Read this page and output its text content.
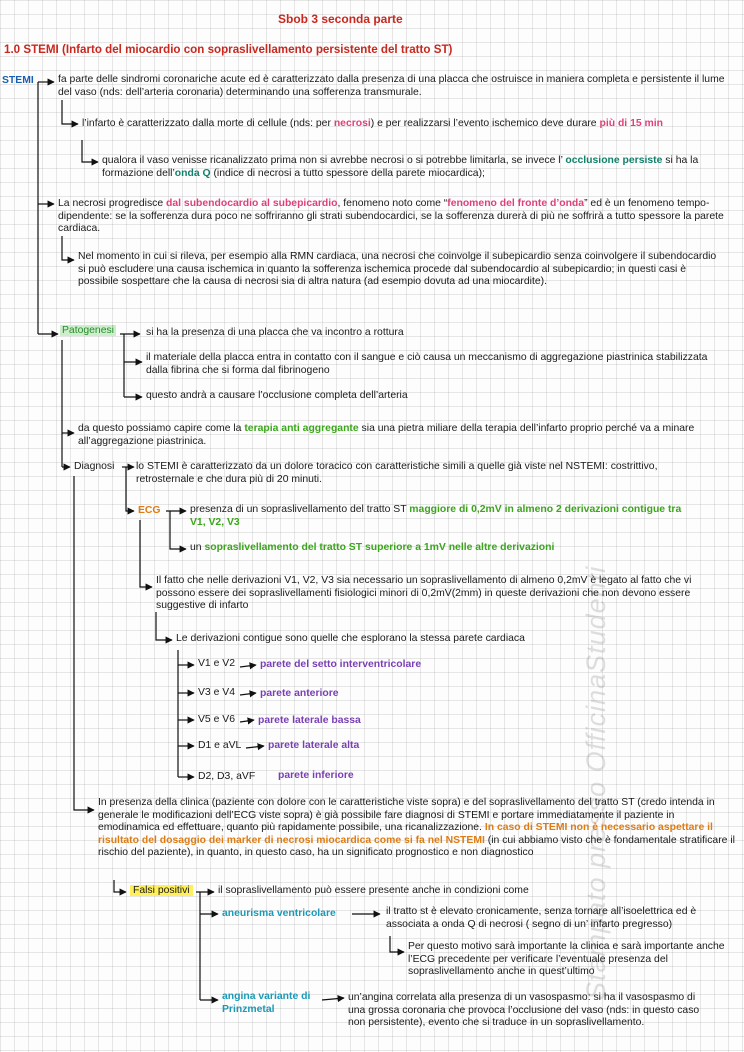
Stampato presso OfficinaStudenti
Sbob 3 seconda parte
1.0 STEMI (Infarto del miocardio con sopraslivellamento persistente del tratto ST)
STEMI fa parte delle sindromi coronariche acute ed è caratterizzato dalla presenza di una placca che ostruisce in maniera completa e persistente il lume del vaso (nds: dell’arteria coronaria) determinando una sofferenza transmurale.
l’infarto è caratterizzato dalla morte di cellule (nds: per necrosi) e per realizzarsi l’evento ischemico deve durare più di 15 min
qualora il vaso venisse ricanalizzato prima non si avrebbe necrosi o si potrebbe limitarla, se invece l’ occlusione persiste si ha la formazione dell’onda Q (indice di necrosi a tutto spessore della parete miocardica);
La necrosi progredisce dal subendocardio al subepicardio, fenomeno noto come “fenomeno del fronte d’onda” ed è un fenomeno tempo-dipendente: se la sofferenza dura poco ne soffriranno gli strati subendocardici, se la sofferenza durerà di più ne soffrirà a tutto spessore la parete cardiaca.
Nel momento in cui si rileva, per esempio alla RMN cardiaca, una necrosi che coinvolge il subepicardio senza coinvolgere il subendocardio si può escludere una causa ischemica in quanto la sofferenza ischemica procede dal subendocardio al subepicardio; in questi casi è possibile sospettare che la causa di necrosi sia di altra natura (ad esempio dovuta ad una miocardite).
Patogenesi	si ha la presenza di una placca che va incontro a rottura
il materiale della placca entra in contatto con il sangue e ciò causa un meccanismo di aggregazione piastrinica stabilizzata dalla fibrina che si forma dal fibrinogeno
questo andrà a causare l’occlusione completa dell’arteria
da questo possiamo capire come la terapia anti aggregante sia una pietra miliare della terapia dell’infarto proprio perché va a minare all’aggregazione piastrinica.
Diagnosi lo STEMI è caratterizzato da un dolore toracico con caratteristiche simili a quelle già viste nel NSTEMI: costrittivo, retrosternale e che dura più di 20 minuti.
ECG	presenza di un sopraslivellamento del tratto ST maggiore di 0,2mV in almeno 2 derivazioni contigue tra V1, V2, V3
un sopraslivellamento del tratto ST superiore a 1mV nelle altre derivazioni
Il fatto che nelle derivazioni V1, V2, V3 sia necessario un sopraslivellamento di almeno 0,2mV è legato al fatto che vi possono essere dei sopraslivellamenti fisiologici minori di 0,2mV(2mm) in queste derivazioni che non devono essere suggestive di infarto
Le derivazioni contigue sono quelle che esplorano la stessa parete cardiaca
V1 e V2 parete del setto interventricolare
V3 e V4 parete anteriore
V5 e V6 parete laterale bassa
D1 e aVL	parete laterale alta
D2, D3, aVF parete inferiore
In presenza della clinica (paziente con dolore con le caratteristiche viste sopra) e del sopraslivellamento del tratto ST (credo intenda in generale le modificazioni dell’ECG viste sopra) è già possibile fare diagnosi di STEMI e portare immediatamente il paziente in emodinamica ed effettuare, quanto più rapidamente possibile, una ricanalizzazione. In caso di STEMI non è necessario aspettare il risultato del dosaggio dei marker di necrosi miocardica come si fa nel NSTEMI (in cui abbiamo visto che è fondamentale stratificare il rischio del paziente), in quanto, in questo caso, ha un significato prognostico e non diagnostico
Falsi positivi	il sopraslivellamento può essere presente anche in condizioni come
aneurisma ventricolare	il tratto st è elevato cronicamente, senza tornare all’isoelettrica ed è associata a onda Q di necrosi ( segno di un’ infarto pregresso)
Per questo motivo sarà importante la clinica e sarà importante anche l’ECG precedente per verificare l’eventuale presenza del sopraslivellamento anche in quest’ultimo
angina variante di Prinzmetal
un’angina correlata alla presenza di un vasospasmo: si ha il vasospasmo di una grossa coronaria che provoca l’occlusione del vaso (nds: in questo caso non persistente), evento che si traduce in un sopraslivellamento.
